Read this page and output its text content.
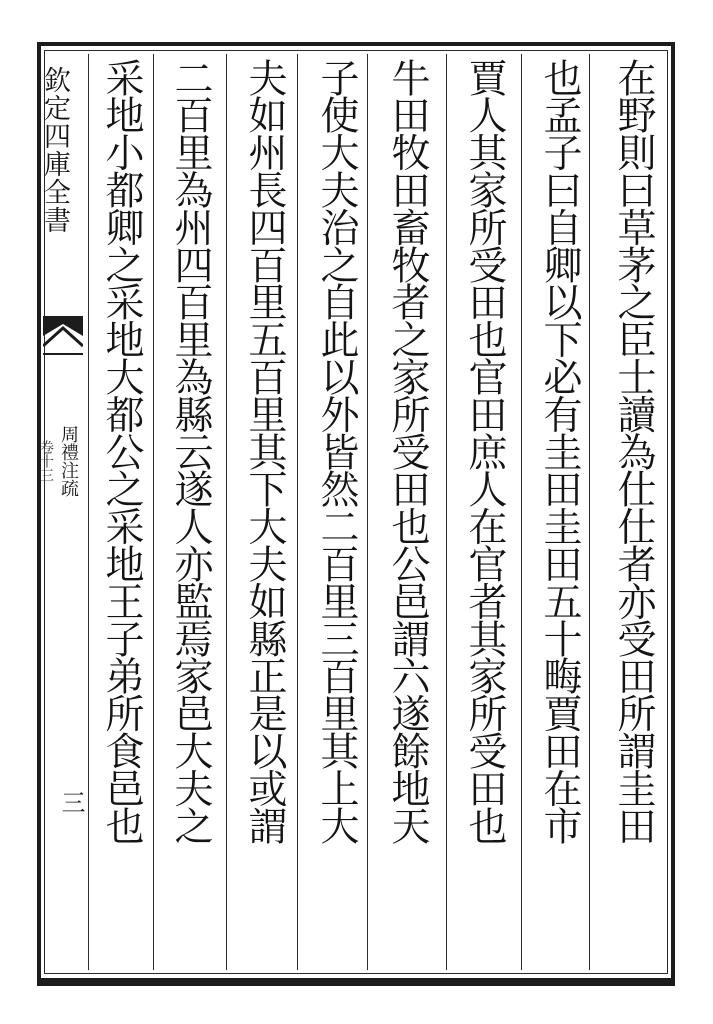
欽定四庫全書
周禮注疏
卷十三
三	在野則曰草茅之臣士讀為仕仕者亦受田所謂圭田
也孟子曰自卿以下必有圭田圭田五十畮賈田在市
賈人其家所受田也官田庶人在官者其家所受田也
牛田牧田畜牧者之家所受田也公邑謂六遂餘地天
子使大夫治之自此以外皆然二百里三百里其上大
夫如州長四百里五百里其下大夫如縣正是以或謂
二百里為州四百里為縣云遂人亦監焉家邑大夫之
采地小都卿之采地大都公之采地王子弟所食邑也
